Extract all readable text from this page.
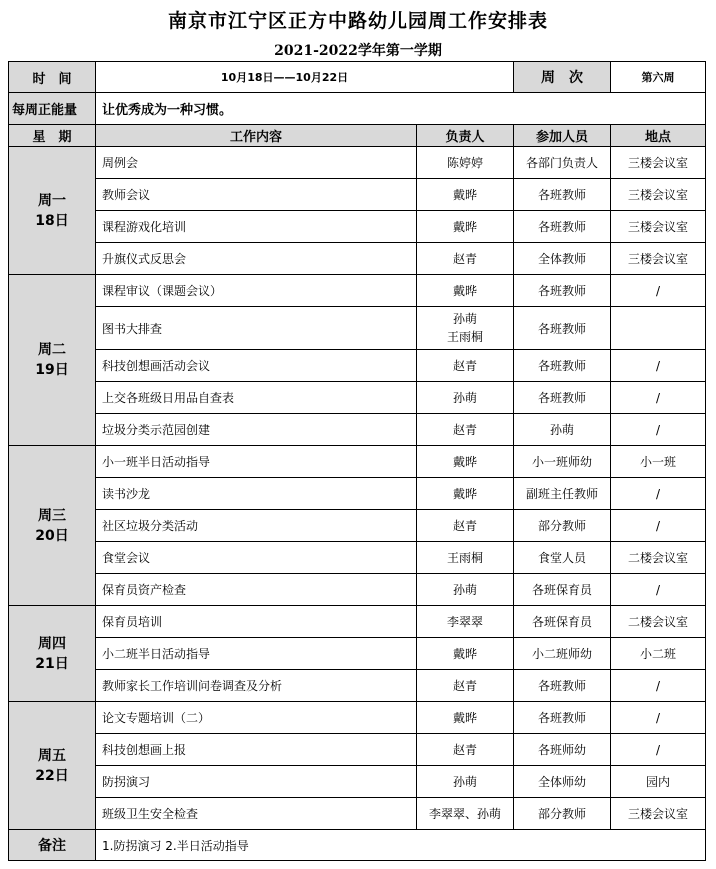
南京市江宁区正方中路幼儿园周工作安排表
2021-2022学年第一学期
时　间	10月18日——10月22日		周　次	第六周
每周正能量	让优秀成为一种习惯。			
星　期	工作内容	负责人	参加人员	地点

周一
18日	周例会	陈婷婷	各部门负责人	三楼会议室
	教师会议	戴晔	各班教师	三楼会议室
	课程游戏化培训	戴晔	各班教师	三楼会议室
	升旗仪式反思会	赵青	全体教师	三楼会议室

周二
19日	课程审议（课题会议）	戴晔	各班教师	/
	图书大排查	孙萌
王雨桐	各班教师	
	科技创想画活动会议	赵青	各班教师	/
	上交各班级日用品自查表	孙萌	各班教师	/
	垃圾分类示范园创建	赵青	孙萌	/

周三
20日	小一班半日活动指导	戴晔	小一班师幼	小一班
	读书沙龙	戴晔	副班主任教师	/
	社区垃圾分类活动	赵青	部分教师	/
	食堂会议	王雨桐	食堂人员	二楼会议室
	保育员资产检查	孙萌	各班保育员	/

周四
21日	保育员培训	李翠翠	各班保育员	二楼会议室
	小二班半日活动指导	戴晔	小二班师幼	小二班
	教师家长工作培训问卷调查及分析	赵青	各班教师	/

周五
22日	论文专题培训（二）	戴晔	各班教师	/
	科技创想画上报	赵青	各班师幼	/
	防拐演习	孙萌	全体师幼	园内
	班级卫生安全检查	李翠翠、孙萌	部分教师	三楼会议室
备注	1.防拐演习 2.半日活动指导			
